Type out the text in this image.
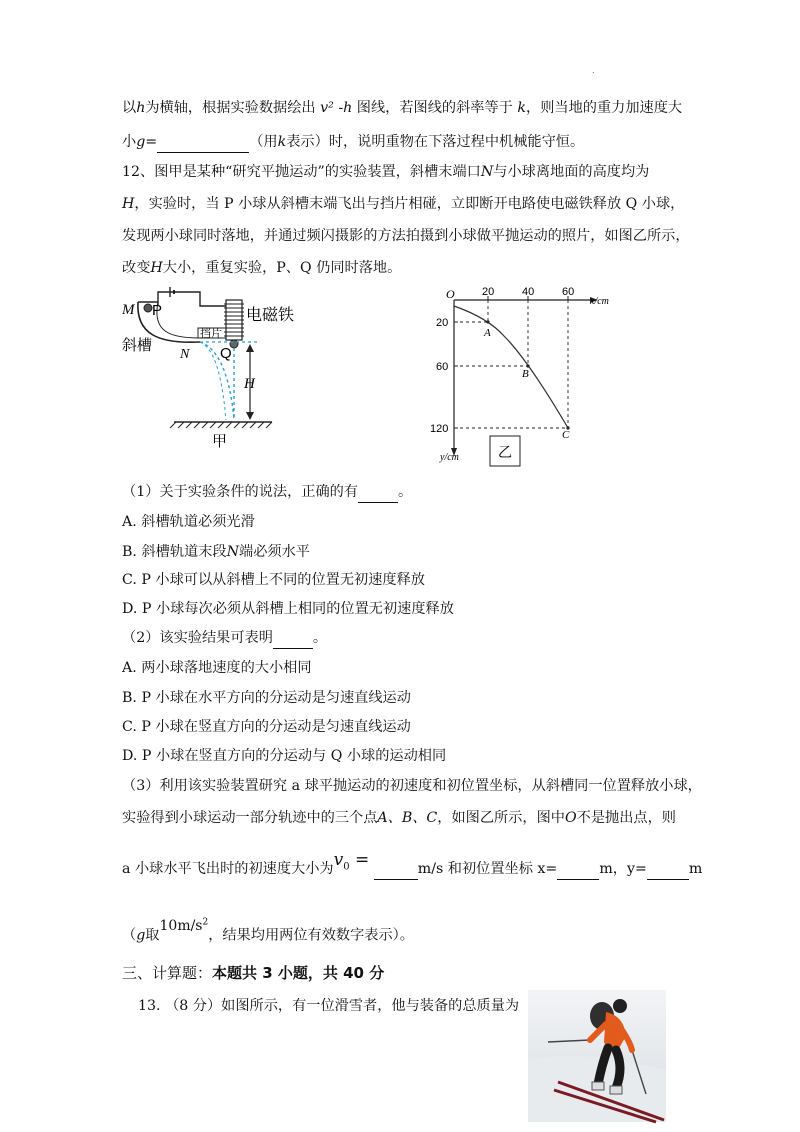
.
以h为横轴，根据实验数据绘出 v² -h 图线，若图线的斜率等于 k，则当地的重力加速度大
小g=	（用k表示）时，说明重物在下落过程中机械能守恒。
12、图甲是某种“研究平抛运动”的实验装置，斜槽末端口N与小球离地面的高度均为
H，实验时，当 P 小球从斜槽末端飞出与挡片相碰，立即断开电路使电磁铁释放 Q 小球，
发现两小球同时落地，并通过频闪摄影的方法拍摄到小球做平抛运动的照片，如图乙所示，
改变H大小，重复实验，P、Q 仍同时落地。
M P	电磁铁
挡片
斜槽
N Q
H
甲
O 20	40	60
x/cm
20
60
120
y/cm
A
B
C
乙
（1）关于实验条件的说法，正确的有	。
A. 斜槽轨道必须光滑
B. 斜槽轨道末段N端必须水平
C. P 小球可以从斜槽上不同的位置无初速度释放
D. P 小球每次必须从斜槽上相同的位置无初速度释放
（2）该实验结果可表明	。
A. 两小球落地速度的大小相同
B. P 小球在水平方向的分运动是匀速直线运动
C. P 小球在竖直方向的分运动是匀速直线运动
D. P 小球在竖直方向的分运动与 Q 小球的运动相同
（3）利用该实验装置研究 a 球平抛运动的初速度和初位置坐标，从斜槽同一位置释放小球，
实验得到小球运动一部分轨迹中的三个点A、B、C，如图乙所示，图中O不是抛出点，则
a 小球水平飞出时的初速度大小为$v_0$ =	m/s 和初位置坐标 x=	m，y=	m
（g取$10m/s^2$，结果均用两位有效数字表示）。
三、计算题：本题共 3 小题，共 40 分
13. （8 分）如图所示，有一位滑雪者，他与装备的总质量为
